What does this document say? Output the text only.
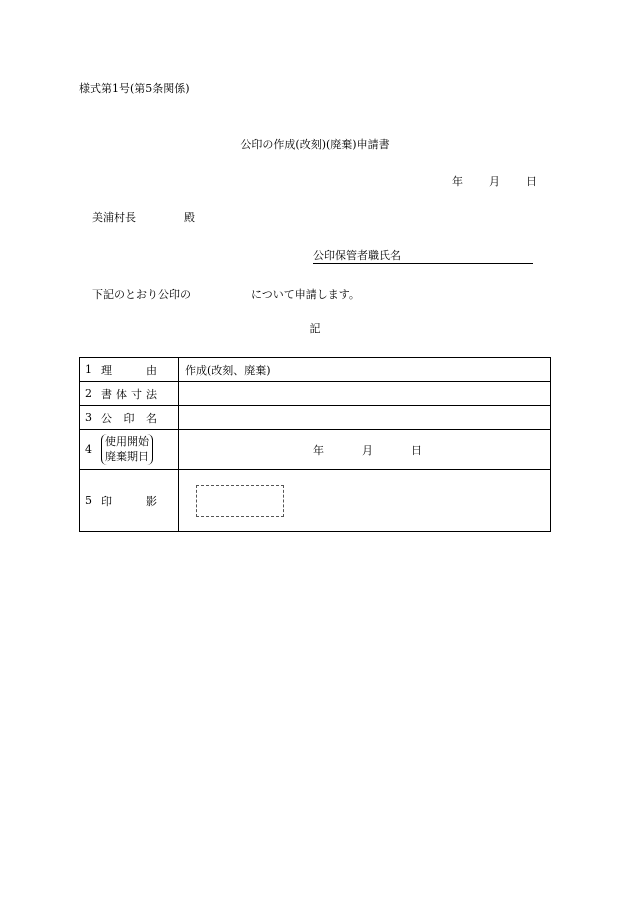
様式第1号(第5条関係)
公印の作成(改刻)(廃棄)申請書
年 月 日
美浦村長	殿
公印保管者職氏名
下記のとおり公印の	について申請します。
記
1 理 由	作成(改刻、廃棄)
2 書 体 寸 法	

3 公 印 名	

4使用開始
廃棄期日	年 月 日

5 印 影	
